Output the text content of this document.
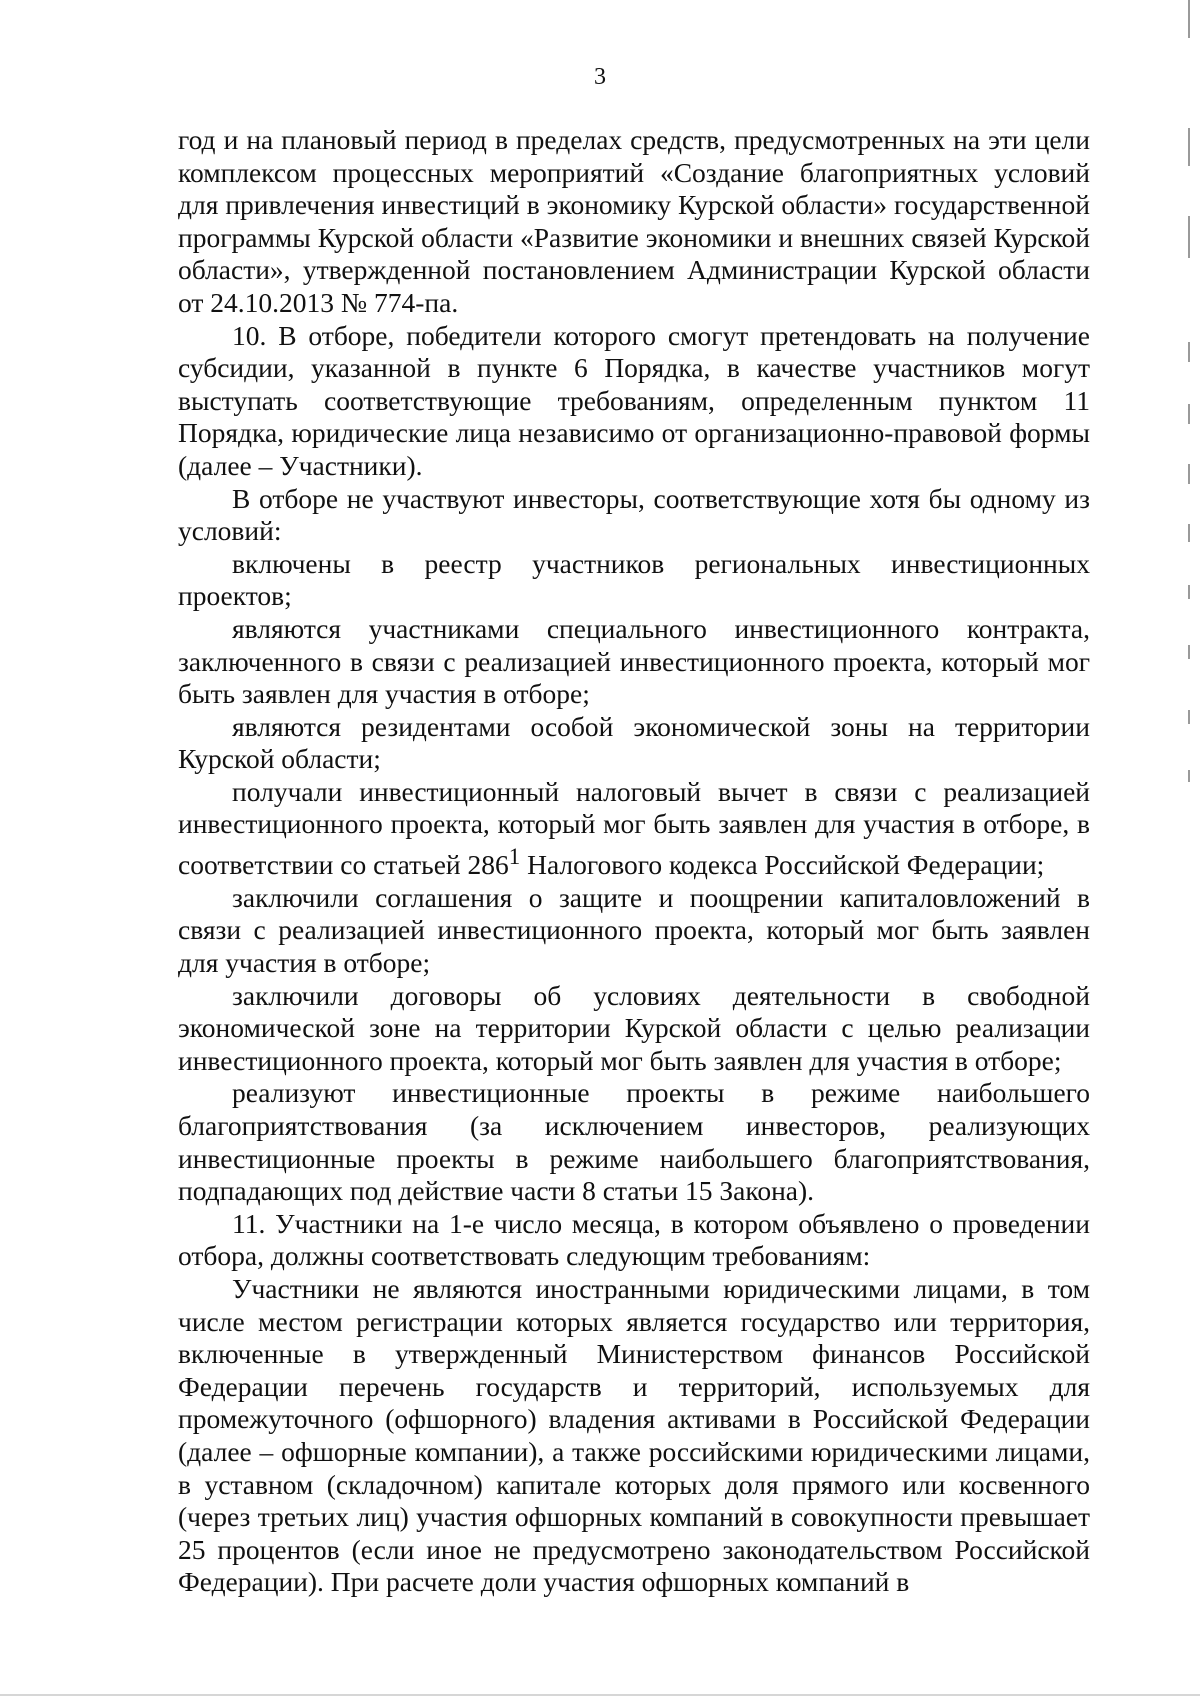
3

год и на плановый период в пределах средств, предусмотренных на эти цели комплексом процессных мероприятий «Создание благоприятных условий для привлечения инвестиций в экономику Курской области» государственной программы Курской области «Развитие экономики и внешних связей Курской области», утвержденной постановлением Администрации Курской области от 24.10.2013 № 774-па.

10. В отборе, победители которого смогут претендовать на получение субсидии, указанной в пункте 6 Порядка, в качестве участников могут выступать соответствующие требованиям, определенным пунктом 11 Порядка, юридические лица независимо от организационно-правовой формы (далее – Участники).

В отборе не участвуют инвесторы, соответствующие хотя бы одному из условий:

включены в реестр участников региональных инвестиционных проектов;

являются участниками специального инвестиционного контракта, заключенного в связи с реализацией инвестиционного проекта, который мог быть заявлен для участия в отборе;

являются резидентами особой экономической зоны на территории Курской области;

получали инвестиционный налоговый вычет в связи с реализацией инвестиционного проекта, который мог быть заявлен для участия в отборе, в соответствии со статьей $286^1$ Налогового кодекса Российской Федерации;

заключили соглашения о защите и поощрении капиталовложений в связи с реализацией инвестиционного проекта, который мог быть заявлен для участия в отборе;

заключили договоры об условиях деятельности в свободной экономической зоне на территории Курской области с целью реализации инвестиционного проекта, который мог быть заявлен для участия в отборе;

реализуют инвестиционные проекты в режиме наибольшего благоприятствования (за исключением инвесторов, реализующих инвестиционные проекты в режиме наибольшего благоприятствования, подпадающих под действие части 8 статьи 15 Закона).

11. Участники на 1-е число месяца, в котором объявлено о проведении отбора, должны соответствовать следующим требованиям:

Участники не являются иностранными юридическими лицами, в том числе местом регистрации которых является государство или территория, включенные в утвержденный Министерством финансов Российской Федерации перечень государств и территорий, используемых для промежуточного (офшорного) владения активами в Российской Федерации (далее – офшорные компании), а также российскими юридическими лицами, в уставном (складочном) капитале которых доля прямого или косвенного (через третьих лиц) участия офшорных компаний в совокупности превышает 25 процентов (если иное не предусмотрено законодательством Российской Федерации). При расчете доли участия офшорных компаний в
